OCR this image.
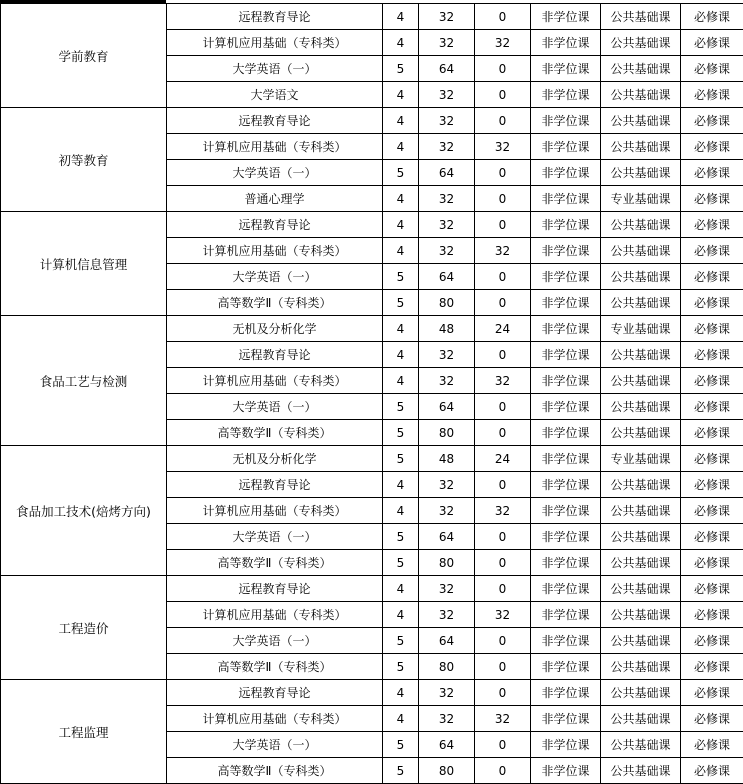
学前教育	远程教育导论	4	32	0	非学位课	公共基础课	必修课
	计算机应用基础（专科类）	4	32	32	非学位课	公共基础课	必修课
	大学英语（一）	5	64	0	非学位课	公共基础课	必修课
	大学语文	4	32	0	非学位课	公共基础课	必修课
初等教育	远程教育导论	4	32	0	非学位课	公共基础课	必修课
	计算机应用基础（专科类）	4	32	32	非学位课	公共基础课	必修课
	大学英语（一）	5	64	0	非学位课	公共基础课	必修课
	普通心理学	4	32	0	非学位课	专业基础课	必修课
计算机信息管理	远程教育导论	4	32	0	非学位课	公共基础课	必修课
	计算机应用基础（专科类）	4	32	32	非学位课	公共基础课	必修课
	大学英语（一）	5	64	0	非学位课	公共基础课	必修课
	高等数学Ⅱ（专科类）	5	80	0	非学位课	公共基础课	必修课
食品工艺与检测	无机及分析化学	4	48	24	非学位课	专业基础课	必修课
	远程教育导论	4	32	0	非学位课	公共基础课	必修课
	计算机应用基础（专科类）	4	32	32	非学位课	公共基础课	必修课
	大学英语（一）	5	64	0	非学位课	公共基础课	必修课
	高等数学Ⅱ（专科类）	5	80	0	非学位课	公共基础课	必修课
食品加工技术(焙烤方向)	无机及分析化学	5	48	24	非学位课	专业基础课	必修课
	远程教育导论	4	32	0	非学位课	公共基础课	必修课
	计算机应用基础（专科类）	4	32	32	非学位课	公共基础课	必修课
	大学英语（一）	5	64	0	非学位课	公共基础课	必修课
	高等数学Ⅱ（专科类）	5	80	0	非学位课	公共基础课	必修课
工程造价	远程教育导论	4	32	0	非学位课	公共基础课	必修课
	计算机应用基础（专科类）	4	32	32	非学位课	公共基础课	必修课
	大学英语（一）	5	64	0	非学位课	公共基础课	必修课
	高等数学Ⅱ（专科类）	5	80	0	非学位课	公共基础课	必修课
工程监理	远程教育导论	4	32	0	非学位课	公共基础课	必修课
	计算机应用基础（专科类）	4	32	32	非学位课	公共基础课	必修课
	大学英语（一）	5	64	0	非学位课	公共基础课	必修课
	高等数学Ⅱ（专科类）	5	80	0	非学位课	公共基础课	必修课
